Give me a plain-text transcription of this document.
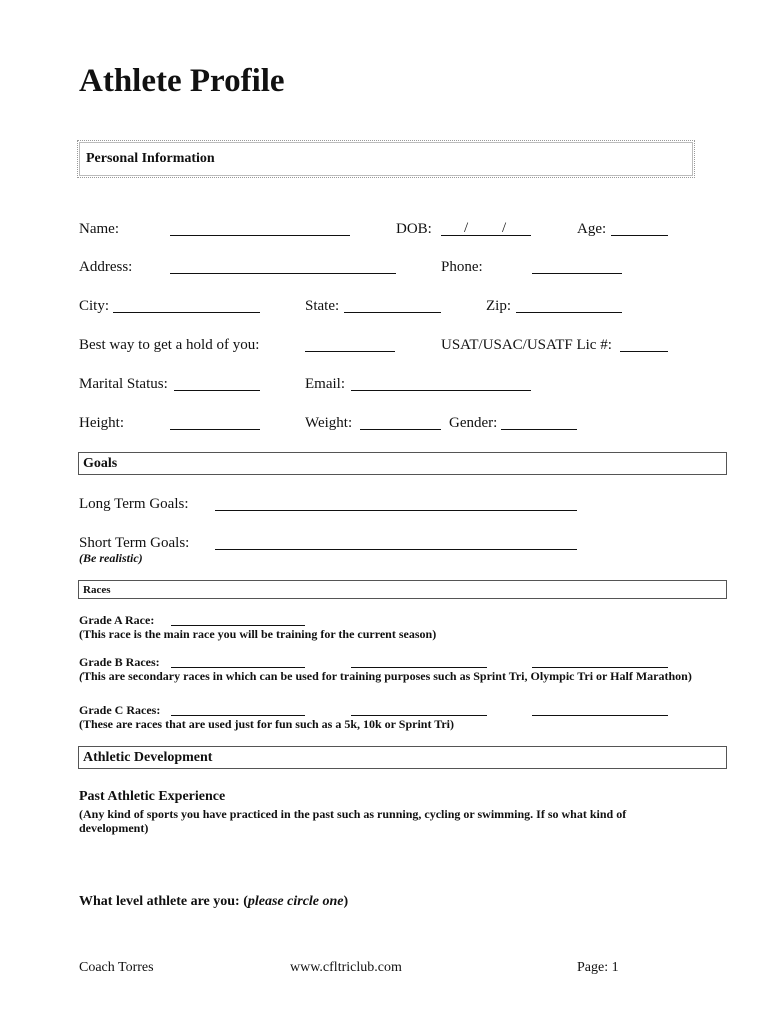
Athlete Profile
Personal Information
Name:	DOB: / /	Age:
Address:	Phone:
City:	State:	Zip:
Best way to get a hold of you:	USAT/USAC/USATF Lic #:
Marital Status:	Email:
Height:	Weight:	Gender:
Goals
Long Term Goals:
Short Term Goals:
(Be realistic)
Races
Grade A Race:
(This race is the main race you will be training for the current season)
Grade B Races:
(This are secondary races in which can be used for training purposes such as Sprint Tri, Olympic Tri or Half Marathon)
Grade C Races:
(These are races that are used just for fun such as a 5k, 10k or Sprint Tri)
Athletic Development
Past Athletic Experience
(Any kind of sports you have practiced in the past such as running, cycling or swimming. If so what kind of
development)
What level athlete are you: (please circle one)
Coach Torres	www.cfltriclub.com	Page: 1
